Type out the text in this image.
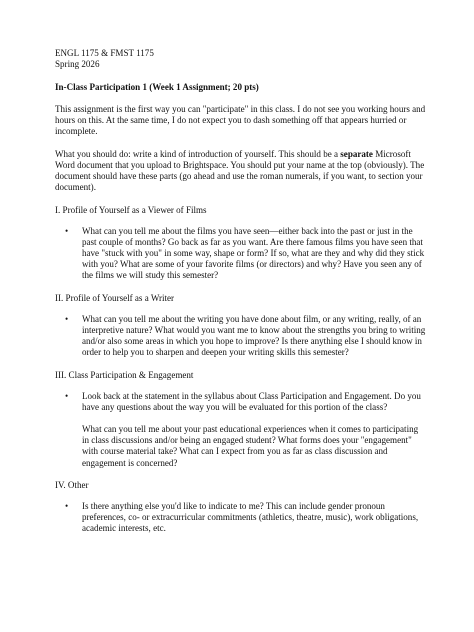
ENGL 1175 & FMST 1175

Spring 2026

In-Class Participation 1 (Week 1 Assignment; 20 pts)

This assignment is the first way you can "participate" in this class. I do not see you working hours and hours on this. At the same time, I do not expect you to dash something off that appears hurried or incomplete.

What you should do: write a kind of introduction of yourself. This should be a separate Microsoft Word document that you upload to Brightspace. You should put your name at the top (obviously). The document should have these parts (go ahead and use the roman numerals, if you want, to section your document).

I. Profile of Yourself as a Viewer of Films

• What can you tell me about the films you have seen—either back into the past or just in the past couple of months? Go back as far as you want. Are there famous films you have seen that have "stuck with you" in some way, shape or form? If so, what are they and why did they stick with you? What are some of your favorite films (or directors) and why? Have you seen any of the films we will study this semester?

II. Profile of Yourself as a Writer

• What can you tell me about the writing you have done about film, or any writing, really, of an interpretive nature? What would you want me to know about the strengths you bring to writing and/or also some areas in which you hope to improve? Is there anything else I should know in order to help you to sharpen and deepen your writing skills this semester?

III. Class Participation & Engagement

• Look back at the statement in the syllabus about Class Participation and Engagement. Do you have any questions about the way you will be evaluated for this portion of the class?

What can you tell me about your past educational experiences when it comes to participating in class discussions and/or being an engaged student? What forms does your "engagement" with course material take? What can I expect from you as far as class discussion and engagement is concerned?

IV. Other

• Is there anything else you'd like to indicate to me? This can include gender pronoun preferences, co- or extracurricular commitments (athletics, theatre, music), work obligations, academic interests, etc.
